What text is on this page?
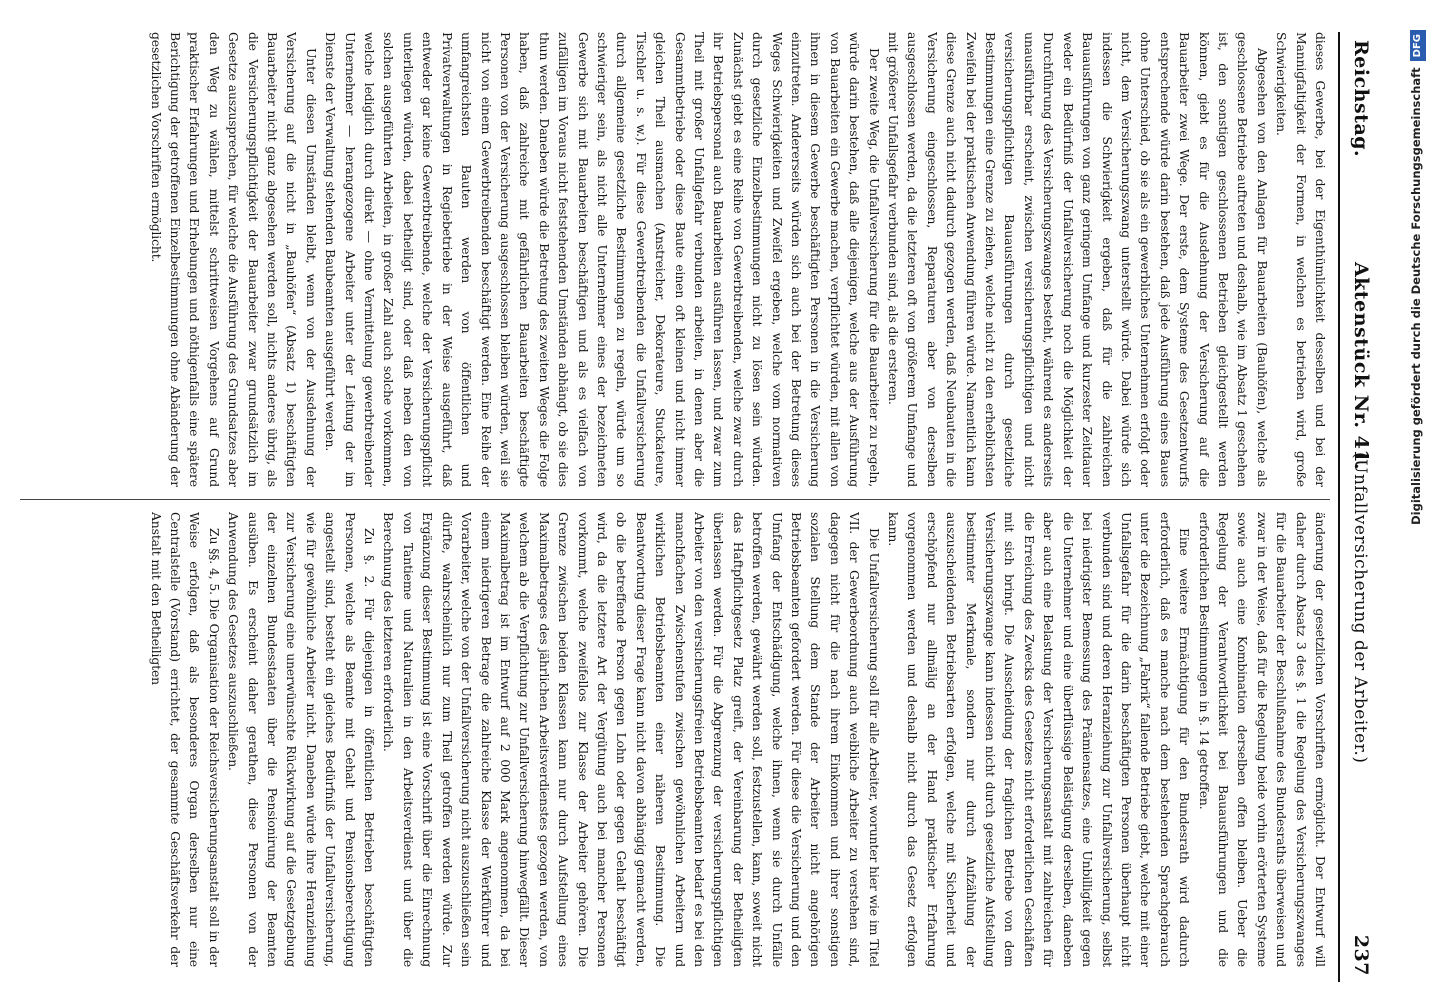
Reichstag.
Aktenstück Nr. 41.
(Unfallversicherung der Arbeiter.)
237

dieses Gewerbe, bei der Eigenthümlichkeit desselben und bei der Mannigfaltigkeit der Formen, in welchen es betrieben wird, große Schwierigkeiten.

Abgesehen von den Anlagen für Bauarbeiten (Bauhöfen), welche als geschlossene Betriebe auftreten und deshalb, wie im Absatz 1 geschehen ist, den sonstigen geschlossenen Betrieben gleichgestellt werden können, giebt es für die Ausdehnung der Versicherung auf die Bauarbeiter zwei Wege. Der erste, dem Systeme des Gesetzentwurfs entsprechende würde darin bestehen, daß jede Ausführung eines Baues ohne Unterschied, ob sie als ein gewerbliches Unternehmen erfolgt oder nicht, dem Versicherungszwang unterstellt würde. Dabei würde sich indessen die Schwierigkeit ergeben, daß für die zahlreichen Bauausführungen von ganz geringem Umfange und kurzester Zeitdauer weder ein Bedürfniß der Unfallversicherung noch die Möglichkeit der Durchführung des Versicherungszwanges besteht, während es anderseits unausführbar erscheint, zwischen versicherungspflichtigen und nicht versicherungspflichtigen Bauausführungen durch gesetzliche Bestimmungen eine Grenze zu ziehen, welche nicht zu den erheblichsten Zweifeln bei der praktischen Anwendung führen würde. Namentlich kann diese Grenze auch nicht dadurch gezogen werden, daß Neubauten in die Versicherung eingeschlossen, Reparaturen aber von derselben ausgeschlossen werden, da die letzteren oft von größerem Umfange und mit größerer Unfallsgefahr verbunden sind, als die ersteren.

Der zweite Weg, die Unfallversicherung für die Bauarbeiter zu regeln, würde darin bestehen, daß alle diejenigen, welche aus der Ausführung von Bauarbeiten ein Gewerbe machen, verpflichtet würden, mit allen von ihnen in diesem Gewerbe beschäftigten Personen in die Versicherung einzutreten. Andererseits würden sich auch bei der Betretung dieses Weges Schwierigkeiten und Zweifel ergeben, welche vom normativen durch gesetzliche Einzelbestimmungen nicht zu lösen sein würden. Zunächst giebt es eine Reihe von Gewerbtreibenden, welche zwar durch ihr Betriebspersonal auch Bauarbeiten ausführen lassen, und zwar zum Theil mit großer Unfallgefahr verbunden arbeiten, in denen aber die Gesammtbetriebe oder diese Baute einen oft kleinen und nicht immer gleichen Theil ausmachen (Anstreicher, Dekorateure, Stuckateure, Tischler u. s. w.). Für diese Gewerbtreibenden die Unfallversicherung durch allgemeine gesetzliche Bestimmungen zu regeln, würde um so schwieriger sein, als nicht alle Unternehmer eines der bezeichneten Gewerbe sich mit Bauarbeiten beschäftigen und als es vielfach von zufälligen im Voraus nicht feststehenden Umständen abhängt, ob sie dies thun werden. Daneben würde die Betretung des zweiten Weges die Folge haben, daß zahlreiche mit gefährlichen Bauarbeiten beschäftigte Personen von der Versicherung ausgeschlossen bleiben würden, weil sie nicht von einem Gewerbtreibenden beschäftigt werden. Eine Reihe der umfangreichsten Bauten werden von öffentlichen und Privatverwaltungen in Regiebetriebe in der Weise ausgeführt, daß entweder gar keine Gewerbtreibende, welche der Versicherungspflicht unterliegen würden, dabei betheiligt sind, oder daß neben den von solchen ausgeführten Arbeiten, in großer Zahl auch solche vorkommen, welche lediglich durch direkt — ohne Vermittelung gewerbtreibender Unternehmer — herangezogene Arbeiter unter der Leitung der im Dienste der Verwaltung stehenden Baubeamten ausgeführt werden.

Unter diesen Umständen bleibt, wenn von der Ausdehnung der Versicherung auf die nicht in „Bauhöfen“ (Absatz 1) beschäftigten Bauarbeiter nicht ganz abgesehen werden soll, nichts anderes übrig, als die Versicherungspflichtigkeit der Bauarbeiter zwar grundsätzlich im Gesetze auszusprechen, für welche die Ausführung des Grundsatzes aber den Weg zu wählen, mittelst schrittweisen Vorgehens auf Grund praktischer Erfahrungen und Erhebungen und nöthigenfalls eine spätere Berichtigung der getroffenen Einzelbestimmungen ohne Abänderung der gesetzlichen Vorschriften ermöglicht.

änderung der gesetzlichen Vorschriften ermöglicht. Der Entwurf will daher durch Absatz 3 des §. 1 die Regelung des Versicherungszwanges für die Bauarbeiter der Beschlußnahme des Bundesraths überweisen und zwar in der Weise, daß für die Regelung beide vorhin erörterten Systeme sowie auch eine Kombination derselben offen bleiben. Ueber die Regelung der Verantwortlichkeit bei Bauausführungen und die erforderlichen Bestimmungen in §. 14 getroffen.

Eine weitere Ermächtigung für den Bundesrath wird dadurch erforderlich, daß es manche nach dem bestehenden Sprachgebrauch unter die Bezeichnung „Fabrik“ fallende Betriebe giebt, welche mit einer Unfallsgefahr für die darin beschäftigten Personen überhaupt nicht verbunden sind und deren Heranziehung zur Unfallversicherung, selbst bei niedrigster Bemessung des Prämiensatzes, eine Unbilligkeit gegen die Unternehmer und eine überflüssige Belästigung derselben, daneben aber auch eine Belastung der Versicherungsanstalt mit zahlreichen für die Erreichung des Zwecks des Gesetzes nicht erforderlichen Geschäften mit sich bringt. Die Ausscheidung der fraglichen Betriebe von dem Versicherungszwange kann indessen nicht durch gesetzliche Aufstellung bestimmter Merkmale, sondern nur durch Aufzählung der auszuscheidenden Betriebsarten erfolgen, welche mit Sicherheit und erschöpfend nur allmälig an der Hand praktischer Erfahrung vorgenommen werden und deshalb nicht durch das Gesetz erfolgen kann.

Die Unfallversicherung soll für alle Arbeiter, worunter hier wie im Titel VII. der Gewerbeordnung auch weibliche Arbeiter zu verstehen sind, dagegen nicht für die nach ihrem Einkommen und ihrer sonstigen sozialen Stellung dem Stande der Arbeiter nicht angehörigen Betriebsbeamten gefordert werden. Für diese die Versicherung und den Umfang der Entschädigung, welche ihnen, wenn sie durch Unfälle betroffen werden, gewährt werden soll, festzustellen, kann, soweit nicht das Haftpflichtgesetz Platz greift, der Vereinbarung der Betheiligten überlassen werden. Für die Abgrenzung der versicherungspflichtigen Arbeiter von den versicherungsfreien Betriebsbeamten bedarf es bei den manchfachen Zwischenstufen zwischen gewöhnlichen Arbeitern und wirklichen Betriebsbeamten einer näheren Bestimmung. Die Beantwortung dieser Frage kann nicht davon abhängig gemacht werden, ob die betreffende Person gegen Lohn oder gegen Gehalt beschäftigt wird, da die letztere Art der Vergütung auch bei mancher Personen vorkommt, welche zweifellos zur Klasse der Arbeiter gehören. Die Grenze zwischen beiden Klassen kann nur durch Aufstellung eines Maximalbetrages des jährlichen Arbeitsverdienstes gezogen werden, von welchem ab die Verpflichtung zur Unfallversicherung hinwegfällt. Dieser Maximalbetrag ist im Entwurf auf 2 000 Mark angenommen, da bei einem niedrigeren Betrage die zahlreiche Klasse der Werkführer und Vorarbeiter, welche von der Unfallversicherung nicht auszuschließen sein dürfte, wahrscheinlich nur zum Theil getroffen werden würde. Zur Ergänzung dieser Bestimmung ist eine Vorschrift über die Einrechnung von Tantieme und Naturalien in den Arbeitsverdienst und über die Berechnung des letzteren erforderlich.

Zu §. 2. Für diejenigen in öffentlichen Betrieben beschäftigten Personen, welche als Beamte mit Gehalt und Pensionsberechtigung angestellt sind, besteht ein gleiches Bedürfniß der Unfallversicherung, wie für gewöhnliche Arbeiter nicht. Daneben würde ihre Heranziehung zur Versicherung eine unerwünschte Rückwirkung auf die Gesetzgebung der einzelnen Bundesstaaten über die Pensionirung der Beamten ausüben. Es erscheint daher gerathen, diese Personen von der Anwendung des Gesetzes auszuschließen.

Zu §§. 4, 5. Die Organisation der Reichsversicherungsanstalt soll in der Weise erfolgen, daß als besonderes Organ derselben nur eine Centralstelle (Vorstand) errichtet, der gesammte Geschäftsverkehr der Anstalt mit den Betheiligten

Digitalisierung gefördert durch die Deutsche ForschungsgemeinschaftDFG
